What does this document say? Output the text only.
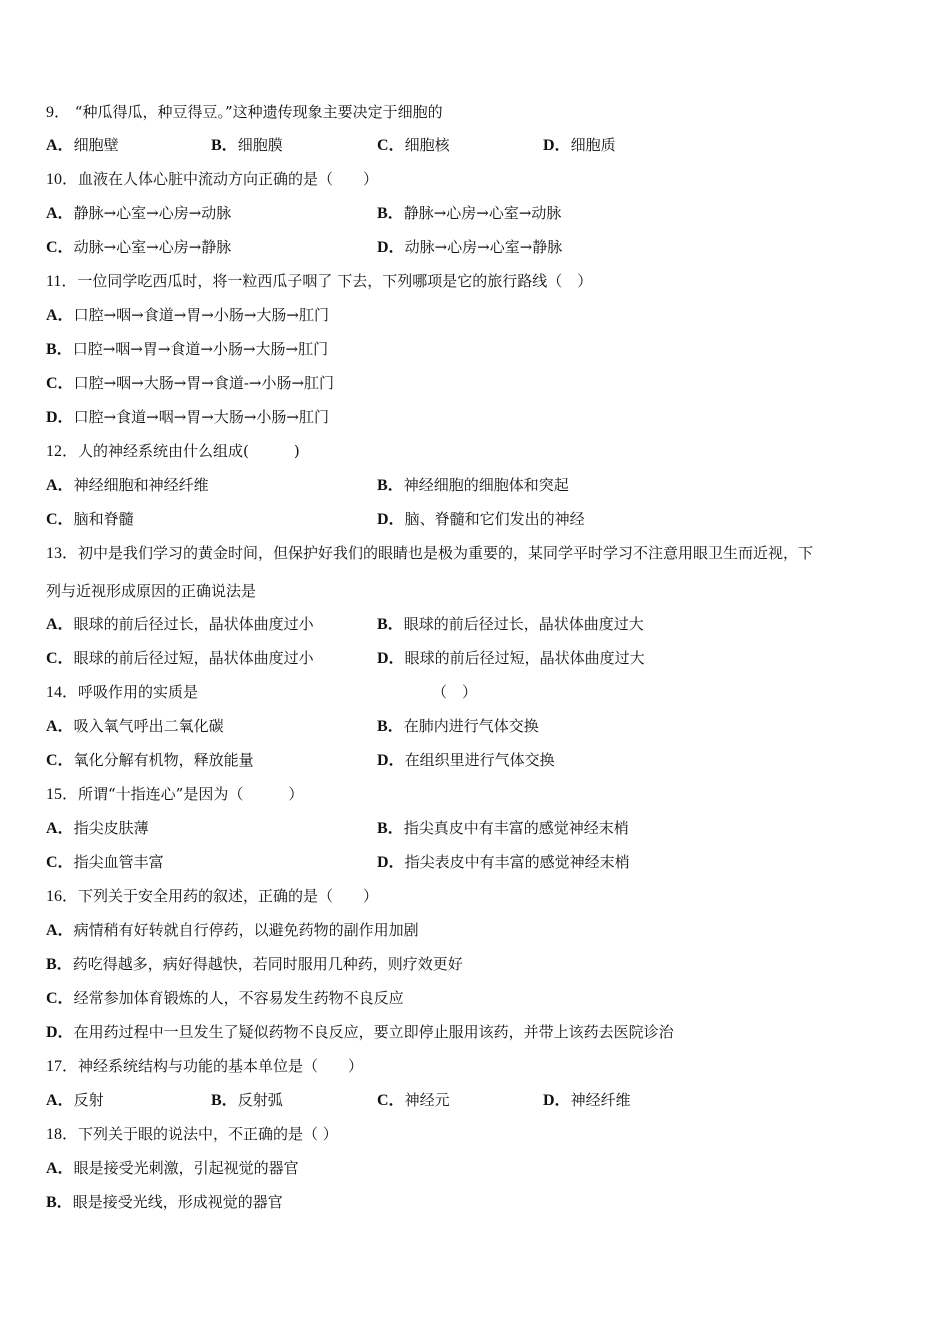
9． “种瓜得瓜，种豆得豆。”这种遗传现象主要决定于细胞的
A．细胞壁	B．细胞膜	C．细胞核	D．细胞质
10．血液在人体心脏中流动方向正确的是（　　）
A．静脉→心室→心房→动脉	B．静脉→心房→心室→动脉
C．动脉→心室→心房→静脉	D．动脉→心房→心室→静脉
11．一位同学吃西瓜时，将一粒西瓜子咽了 下去，下列哪项是它的旅行路线（　）
A．口腔→咽→食道→胃→小肠→大肠→肛门
B．口腔→咽→胃→食道→小肠→大肠→肛门
C．口腔→咽→大肠→胃→食道-→小肠→肛门
D．口腔→食道→咽→胃→大肠→小肠→肛门
12．人的神经系统由什么组成(　　　)
A．神经细胞和神经纤维	B．神经细胞的细胞体和突起
C．脑和脊髓	D．脑、脊髓和它们发出的神经
13．初中是我们学习的黄金时间，但保护好我们的眼睛也是极为重要的，某同学平时学习不注意用眼卫生而近视，下
列与近视形成原因的正确说法是
A．眼球的前后径过长，晶状体曲度过小	B．眼球的前后径过长，晶状体曲度过大
C．眼球的前后径过短，晶状体曲度过小	D．眼球的前后径过短，晶状体曲度过大
14．呼吸作用的实质是	（　）
A．吸入氧气呼出二氧化碳	B．在肺内进行气体交换
C．氧化分解有机物，释放能量	D．在组织里进行气体交换
15．所谓“十指连心”是因为（　　　）
A．指尖皮肤薄	B．指尖真皮中有丰富的感觉神经末梢
C．指尖血管丰富	D．指尖表皮中有丰富的感觉神经末梢
16．下列关于安全用药的叙述，正确的是（　　）
A．病情稍有好转就自行停药，以避免药物的副作用加剧
B．药吃得越多，病好得越快，若同时服用几种药，则疗效更好
C．经常参加体育锻炼的人，不容易发生药物不良反应
D．在用药过程中一旦发生了疑似药物不良反应，要立即停止服用该药，并带上该药去医院诊治
17．神经系统结构与功能的基本单位是（　　）
A．反射	B．反射弧	C．神经元	D．神经纤维
18．下列关于眼的说法中，不正确的是（ ）
A．眼是接受光刺激，引起视觉的器官
B．眼是接受光线，形成视觉的器官
